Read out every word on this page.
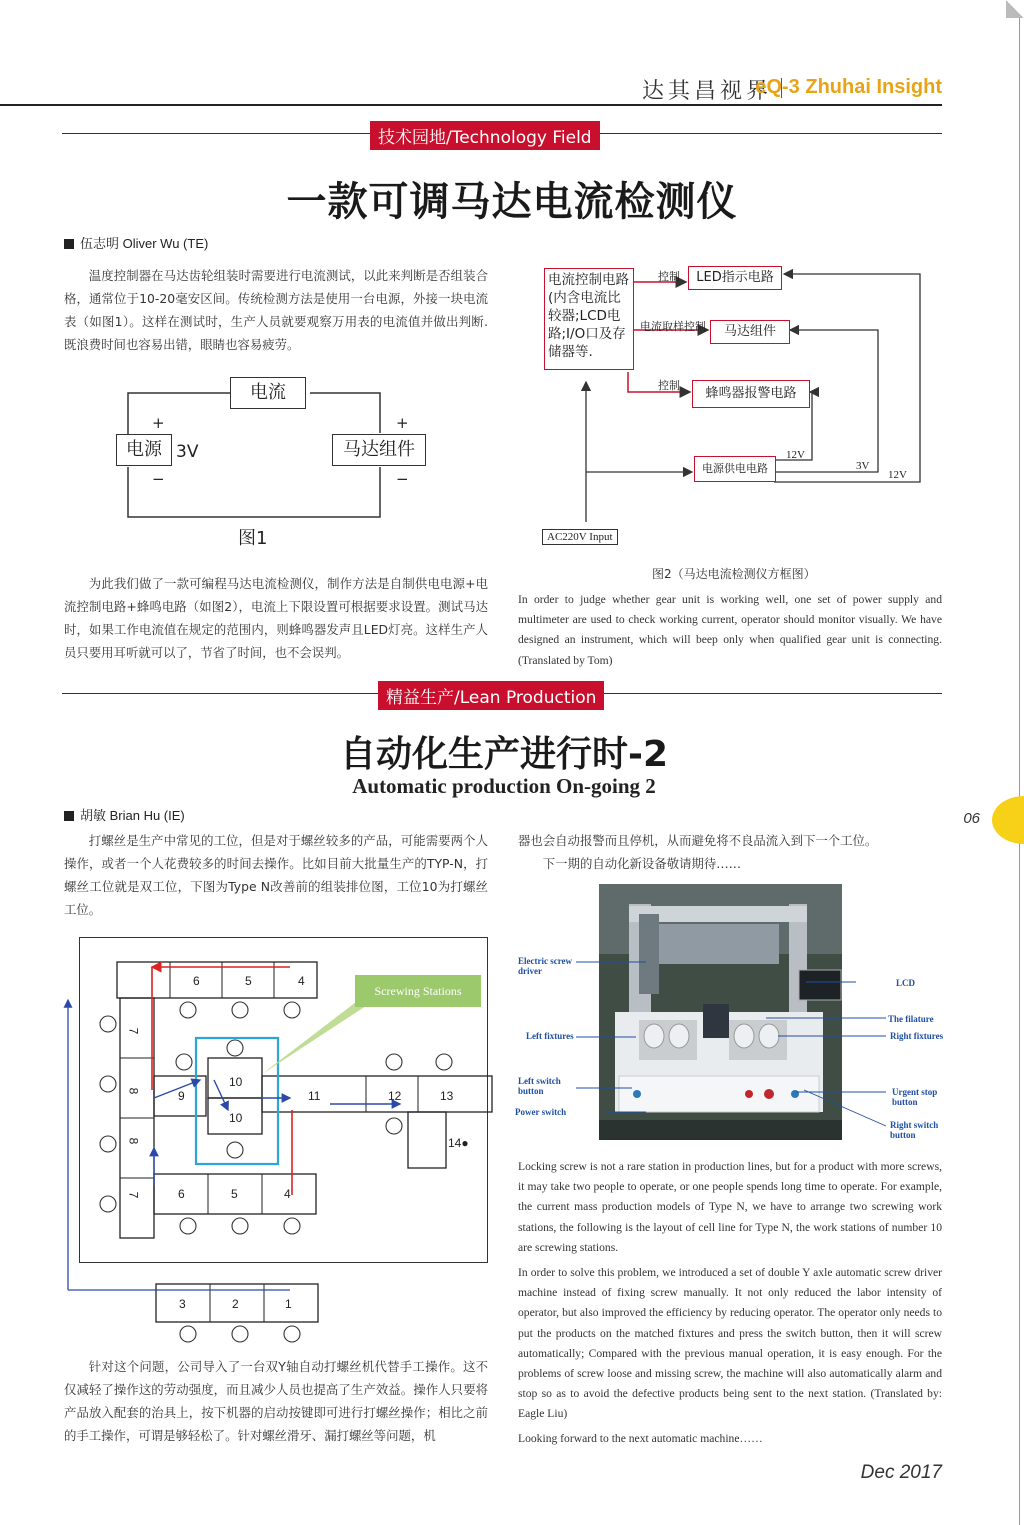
达其昌视界
eQ-3 Zhuhai Insight
技术园地/Technology Field
一款可调马达电流检测仪
伍志明 Oliver Wu (TE)
温度控制器在马达齿轮组装时需要进行电流测试，以此来判断是否组装合格，通常位于10-20毫安区间。传统检测方法是使用一台电源，外接一块电流表（如图1）。这样在测试时，生产人员就要观察万用表的电流值并做出判断.既浪费时间也容易出错，眼睛也容易疲劳。
电流
电源 3V	马达组件
+
−
+
−
图1
电流控制电路(内含电流比较器;LCD电路;I/O口及存储器等.
LED指示电路
马达组件
蜂鸣器报警电路
电源供电电路
控制
电流取样控制
控制
12V
3V
12V
AC220V Input
图2（马达电流检测仪方框图）
为此我们做了一款可编程马达电流检测仪，制作方法是自制供电电源+电流控制电路+蜂鸣电路（如图2），电流上下限设置可根据要求设置。测试马达时，如果工作电流值在规定的范围内，则蜂鸣器发声且LED灯亮。这样生产人员只要用耳听就可以了，节省了时间，也不会误判。
In order to judge whether gear unit is working well, one set of power supply and multimeter are used to check working current, operator should monitor visually. We have designed an instrument, which will beep only when qualified gear unit is connecting. (Translated by Tom)
精益生产/Lean Production
自动化生产进行时-2
Automatic production On-going 2
胡敏 Brian Hu (IE)
打螺丝是生产中常见的工位，但是对于螺丝较多的产品，可能需要两个人操作，或者一个人花费较多的时间去操作。比如目前大批量生产的TYP-N，打螺丝工位就是双工位，下图为Type N改善前的组装排位图，工位10为打螺丝工位。
Screwing Stations
6	5	4
7
8
8
7
9
10
10
11	12	13
14●
6	5	4
3	2	1
针对这个问题，公司导入了一台双Y轴自动打螺丝机代替手工操作。这不仅减轻了操作这的劳动强度，而且减少人员也提高了生产效益。操作人只要将产品放入配套的治具上，按下机器的启动按键即可进行打螺丝操作；相比之前的手工操作，可谓是够轻松了。针对螺丝滑牙、漏打螺丝等问题，机
器也会自动报警而且停机，从而避免将不良品流入到下一个工位。
下一期的自动化新设备敬请期待……
Electric screw driver
Left fixtures
Left switch button
Power switch
LCD
The filature
Right fixtures
Urgent stop button
Right switch button
Locking screw is not a rare station in production lines, but for a product with more screws, it may take two people to operate, or one people spends long time to operate. For example, the current mass production models of Type N, we have to arrange two screwing work stations, the following is the layout of cell line for Type N, the work stations of number 10 are screwing stations.
In order to solve this problem, we introduced a set of double Y axle automatic screw driver machine instead of fixing screw manually. It not only reduced the labor intensity of operator, but also improved the efficiency by reducing operator. The operator only needs to put the products on the matched fixtures and press the switch button, then it will screw automatically; Compared with the previous manual operation, it is easy enough. For the problems of screw loose and missing screw, the machine will also automatically alarm and stop so as to avoid the defective products being sent to the next station. (Translated by: Eagle Liu)
Looking forward to the next automatic machine……
06
Dec 2017
